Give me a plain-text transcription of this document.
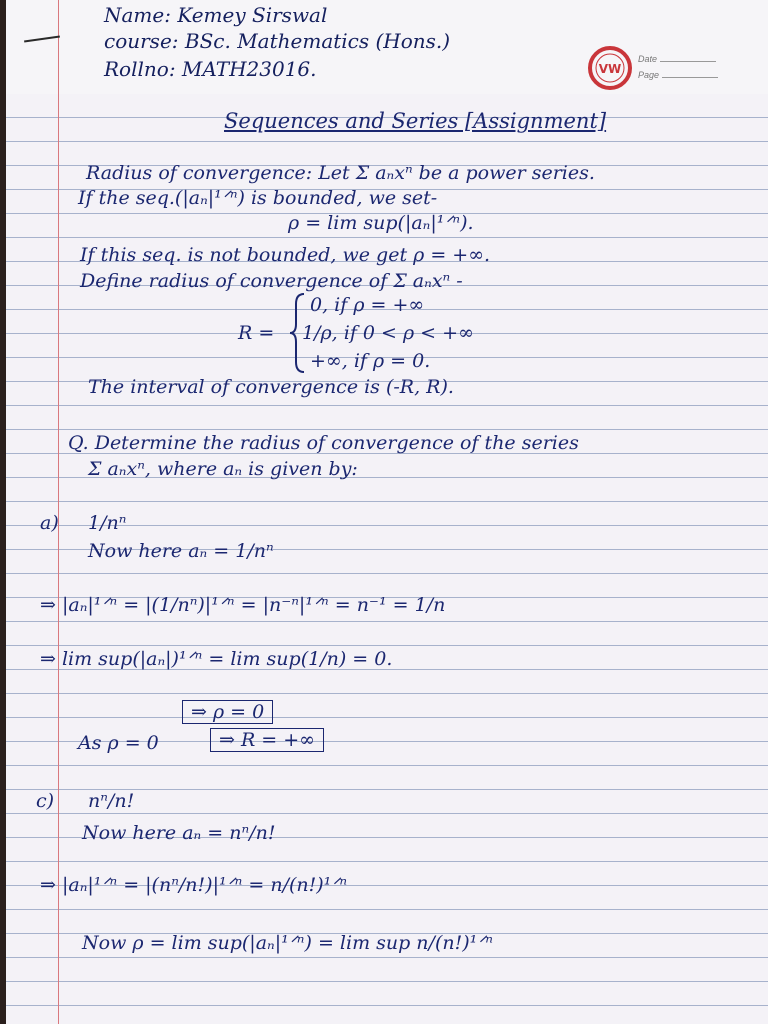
Name: Kemey Sirswal

course: BSc. Mathematics (Hons.)

Rollno: MATH23016.	VW
Date
Page

Sequences and Series [Assignment]

Radius of convergence: Let Σ aₙxⁿ be a power series.

If the seq.(|aₙ|¹ᐟⁿ) is bounded, we set-

ρ = lim sup(|aₙ|¹ᐟⁿ).

If this seq. is not bounded, we get ρ = +∞.

Define radius of convergence of Σ aₙxⁿ -

R =

0, if ρ = +∞

1/ρ, if 0 < ρ < +∞

+∞, if ρ = 0.

The interval of convergence is (-R, R).

Q. Determine the radius of convergence of the series

Σ aₙxⁿ, where aₙ is given by:

a) 1/nⁿ

Now here aₙ = 1/nⁿ

⇒ |aₙ|¹ᐟⁿ = |(1/nⁿ)|¹ᐟⁿ = |n⁻ⁿ|¹ᐟⁿ = n⁻¹ = 1/n

⇒ lim sup(|aₙ|)¹ᐟⁿ = lim sup(1/n) = 0.

⇒ ρ = 0

As ρ = 0	⇒ R = +∞

c) nⁿ/n!

Now here aₙ = nⁿ/n!

⇒ |aₙ|¹ᐟⁿ = |(nⁿ/n!)|¹ᐟⁿ = n/(n!)¹ᐟⁿ

Now ρ = lim sup(|aₙ|¹ᐟⁿ) = lim sup n/(n!)¹ᐟⁿ
